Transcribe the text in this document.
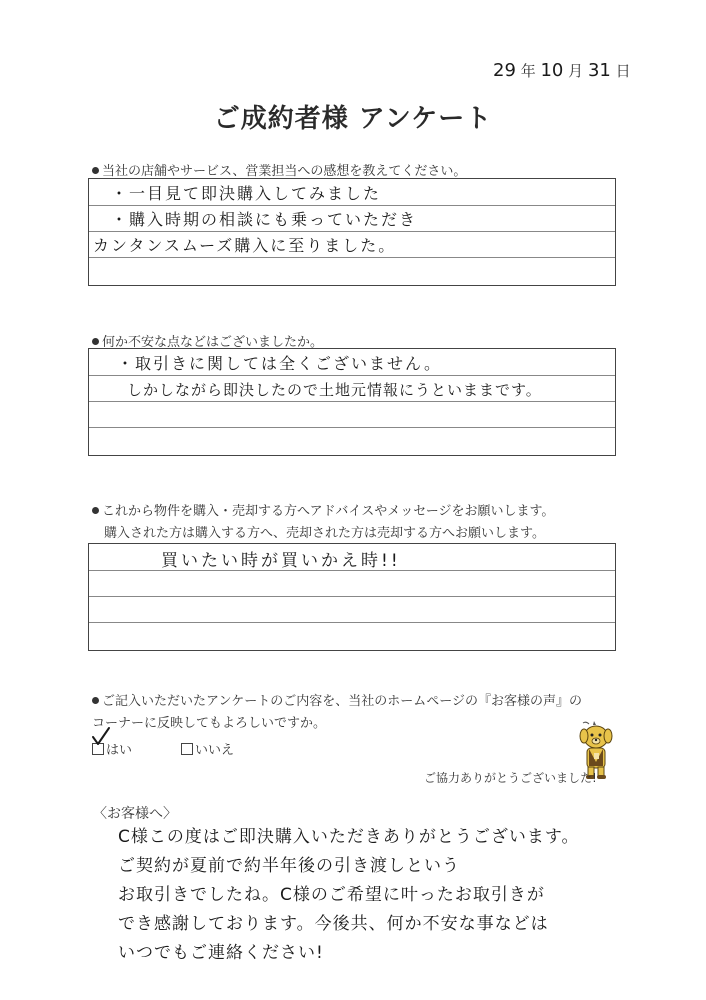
29 年 10 月 31 日
ご成約者様 アンケート
当社の店舗やサービス、営業担当への感想を教えてください。
・一目見て即決購入してみました
・購入時期の相談にも乗っていただき
カンタンスムーズ購入に至りました。
何か不安な点などはございましたか。
・取引きに関しては全くございません。
しかしながら即決したので土地元情報にうといままです。
これから物件を購入・売却する方へアドバイスやメッセージをお願いします。
購入された方は購入する方へ、売却された方は売却する方へお願いします。
買いたい時が買いかえ時!!
ご記入いただいたアンケートのご内容を、当社のホームページの『お客様の声』の
コーナーに反映してもよろしいですか。
はい	いいえ
ご協力ありがとうございました!
〈お客様へ〉
C様この度はご即決購入いただきありがとうございます。
ご契約が夏前で約半年後の引き渡しという
お取引きでしたね。C様のご希望に叶ったお取引きが
でき感謝しております。今後共、何か不安な事などは
いつでもご連絡ください!
